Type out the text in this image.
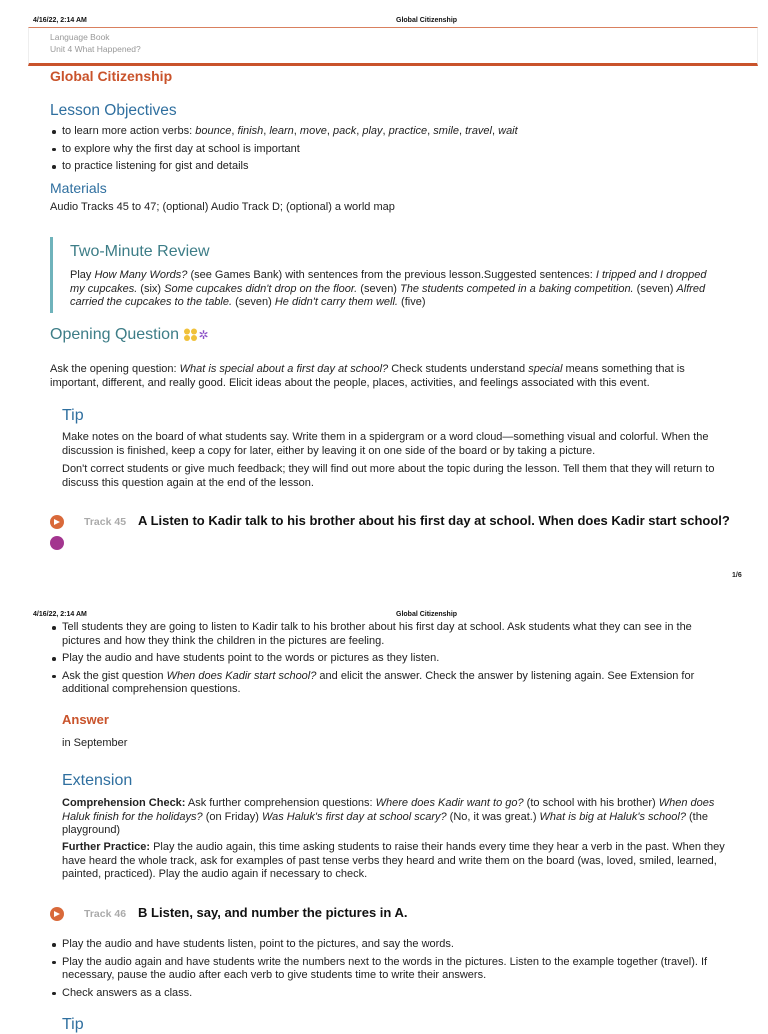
4/16/22, 2:14 AM	Global Citizenship
Language Book
Unit 4 What Happened?
Global Citizenship
Lesson Objectives
to learn more action verbs: bounce, finish, learn, move, pack, play, practice, smile, travel, wait
to explore why the first day at school is important
to practice listening for gist and details
Materials
Audio Tracks 45 to 47; (optional) Audio Track D; (optional) a world map
Two-Minute Review
Play How Many Words? (see Games Bank) with sentences from the previous lesson.Suggested sentences: I tripped and I dropped my cupcakes. (six) Some cupcakes didn't drop on the floor. (seven) The students competed in a baking competition. (seven) Alfred carried the cupcakes to the table. (seven) He didn't carry them well. (five)
Opening Question ✲
Ask the opening question: What is special about a first day at school? Check students understand special means something that is important, different, and really good. Elicit ideas about the people, places, activities, and feelings associated with this event.
Tip
Make notes on the board of what students say. Write them in a spidergram or a word cloud—something visual and colorful. When the discussion is finished, keep a copy for later, either by leaving it on one side of the board or by taking a picture.
Don't correct students or give much feedback; they will find out more about the topic during the lesson. Tell them that they will return to discuss this question again at the end of the lesson.
Track 45 A Listen to Kadir talk to his brother about his first day at school. When does Kadir start school?
1/6
4/16/22, 2:14 AM	Global Citizenship
Tell students they are going to listen to Kadir talk to his brother about his first day at school. Ask students what they can see in the pictures and how they think the children in the pictures are feeling.
Play the audio and have students point to the words or pictures as they listen.
Ask the gist question When does Kadir start school? and elicit the answer. Check the answer by listening again. See Extension for additional comprehension questions.
Answer
in September
Extension
Comprehension Check: Ask further comprehension questions: Where does Kadir want to go? (to school with his brother) When does Haluk finish for the holidays? (on Friday) Was Haluk's first day at school scary? (No, it was great.) What is big at Haluk's school? (the playground)
Further Practice: Play the audio again, this time asking students to raise their hands every time they hear a verb in the past. When they have heard the whole track, ask for examples of past tense verbs they heard and write them on the board (was, loved, smiled, learned, painted, practiced). Play the audio again if necessary to check.
Track 46 B Listen, say, and number the pictures in A.
Play the audio and have students listen, point to the pictures, and say the words.
Play the audio again and have students write the numbers next to the words in the pictures. Listen to the example together (travel). If necessary, pause the audio after each verb to give students time to write their answers.
Check answers as a class.
Tip
